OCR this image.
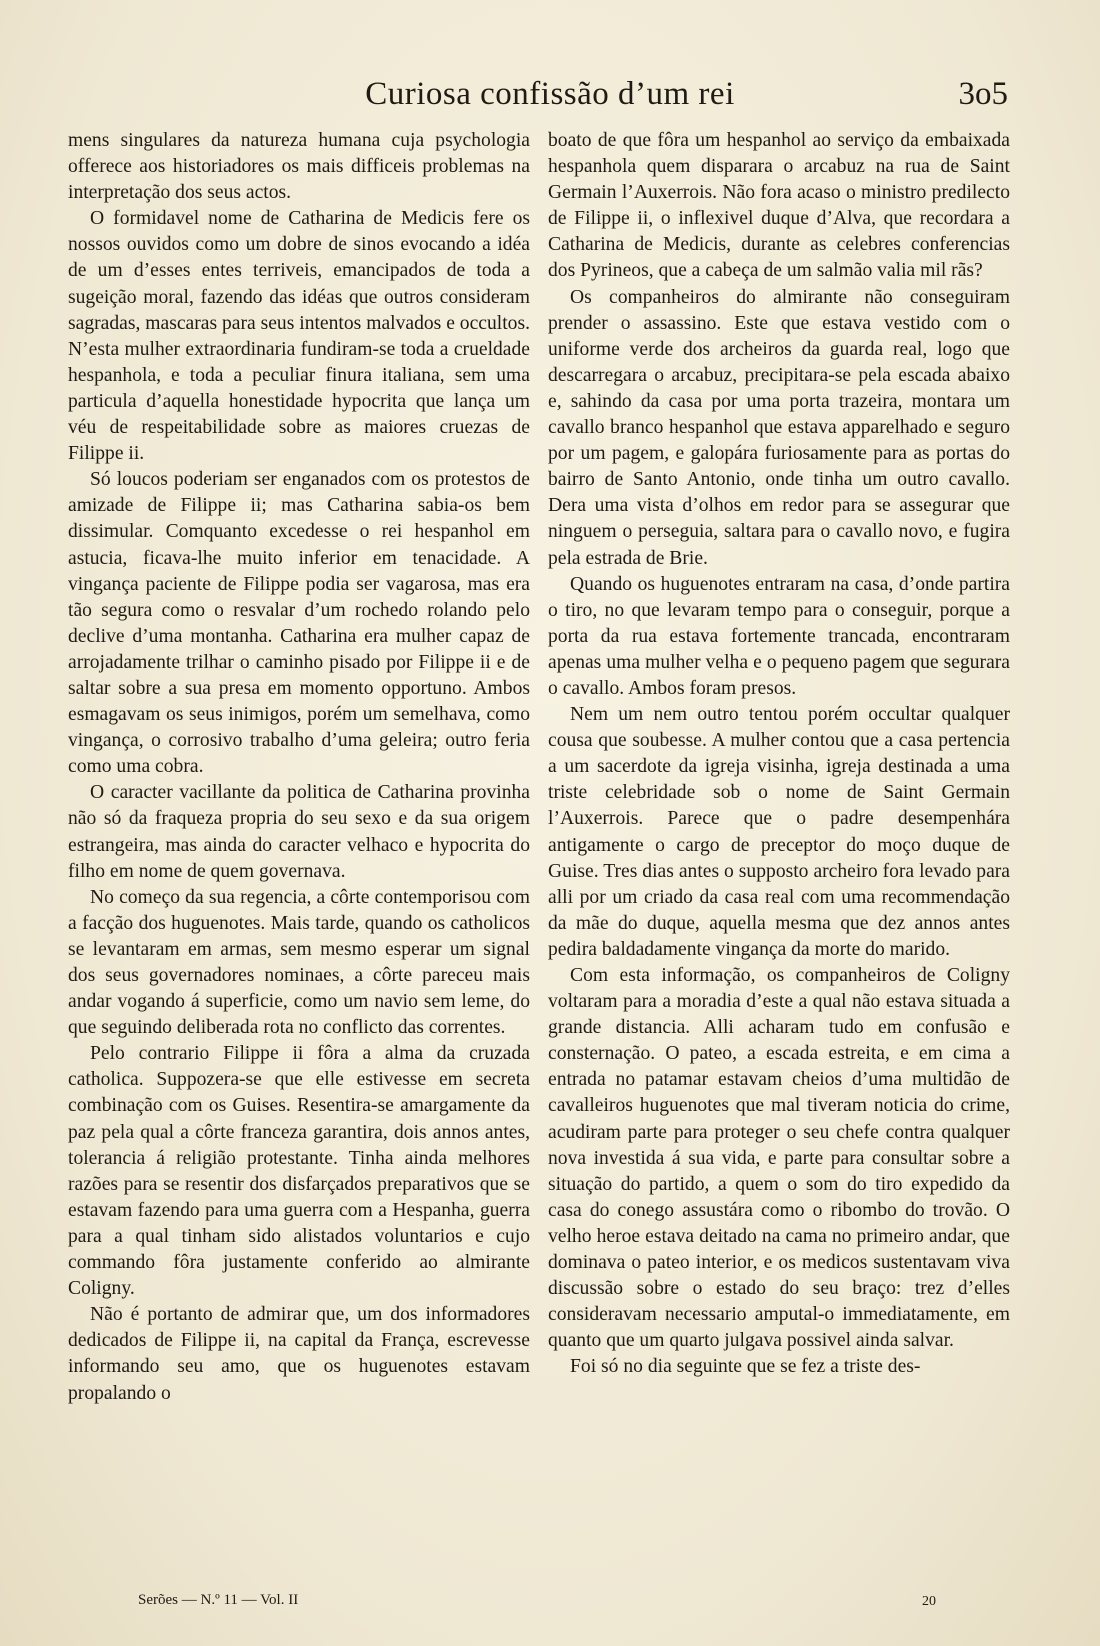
Curiosa confissão d’um rei	3o5

mens singulares da natureza humana cuja psychologia offerece aos historiadores os mais difficeis problemas na interpretação dos seus actos.

O formidavel nome de Catharina de Medicis fere os nossos ouvidos como um dobre de sinos evocando a idéa de um d’esses entes terriveis, emancipados de toda a sugeição moral, fazendo das idéas que outros consideram sagradas, mascaras para seus intentos malvados e occultos. N’esta mulher extraordinaria fundiram-se toda a crueldade hespanhola, e toda a peculiar finura italiana, sem uma particula d’aquella honestidade hypocrita que lança um véu de respeitabilidade sobre as maiores cruezas de Filippe ii.

Só loucos poderiam ser enganados com os protestos de amizade de Filippe ii; mas Catharina sabia-os bem dissimular. Comquanto excedesse o rei hespanhol em astucia, ficava-lhe muito inferior em tenacidade. A vingança paciente de Filippe podia ser vagarosa, mas era tão segura como o resvalar d’um rochedo rolando pelo declive d’uma montanha. Catharina era mulher capaz de arrojadamente trilhar o caminho pisado por Filippe ii e de saltar sobre a sua presa em momento opportuno. Ambos esmagavam os seus inimigos, porém um semelhava, como vingança, o corrosivo trabalho d’uma geleira; outro feria como uma cobra.

O caracter vacillante da politica de Catharina provinha não só da fraqueza propria do seu sexo e da sua origem estrangeira, mas ainda do caracter velhaco e hypocrita do filho em nome de quem governava.

No começo da sua regencia, a côrte contemporisou com a facção dos huguenotes. Mais tarde, quando os catholicos se levantaram em armas, sem mesmo esperar um signal dos seus governadores nominaes, a côrte pareceu mais andar vogando á superficie, como um navio sem leme, do que seguindo deliberada rota no conflicto das correntes.

Pelo contrario Filippe ii fôra a alma da cruzada catholica. Suppozera-se que elle estivesse em secreta combinação com os Guises. Resentira-se amargamente da paz pela qual a côrte franceza garantira, dois annos antes, tolerancia á religião protestante. Tinha ainda melhores razões para se resentir dos disfarçados preparativos que se estavam fazendo para uma guerra com a Hespanha, guerra para a qual tinham sido alistados voluntarios e cujo commando fôra justamente conferido ao almirante Coligny.

Não é portanto de admirar que, um dos informadores dedicados de Filippe ii, na capital da França, escrevesse informando seu amo, que os huguenotes estavam propalando o

boato de que fôra um hespanhol ao serviço da embaixada hespanhola quem disparara o arcabuz na rua de Saint Germain l’Auxerrois. Não fora acaso o ministro predilecto de Filippe ii, o inflexivel duque d’Alva, que recordara a Catharina de Medicis, durante as celebres conferencias dos Pyrineos, que a cabeça de um salmão valia mil rãs?

Os companheiros do almirante não conseguiram prender o assassino. Este que estava vestido com o uniforme verde dos archeiros da guarda real, logo que descarregara o arcabuz, precipitara-se pela escada abaixo e, sahindo da casa por uma porta trazeira, montara um cavallo branco hespanhol que estava apparelhado e seguro por um pagem, e galopára furiosamente para as portas do bairro de Santo Antonio, onde tinha um outro cavallo. Dera uma vista d’olhos em redor para se assegurar que ninguem o perseguia, saltara para o cavallo novo, e fugira pela estrada de Brie.

Quando os huguenotes entraram na casa, d’onde partira o tiro, no que levaram tempo para o conseguir, porque a porta da rua estava fortemente trancada, encontraram apenas uma mulher velha e o pequeno pagem que segurara o cavallo. Ambos foram presos.

Nem um nem outro tentou porém occultar qualquer cousa que soubesse. A mulher contou que a casa pertencia a um sacerdote da igreja visinha, igreja destinada a uma triste celebridade sob o nome de Saint Germain l’Auxerrois. Parece que o padre desempenhára antigamente o cargo de preceptor do moço duque de Guise. Tres dias antes o supposto archeiro fora levado para alli por um criado da casa real com uma recommendação da mãe do duque, aquella mesma que dez annos antes pedira baldadamente vingança da morte do marido.

Com esta informação, os companheiros de Coligny voltaram para a moradia d’este a qual não estava situada a grande distancia. Alli acharam tudo em confusão e consternação. O pateo, a escada estreita, e em cima a entrada no patamar estavam cheios d’uma multidão de cavalleiros huguenotes que mal tiveram noticia do crime, acudiram parte para proteger o seu chefe contra qualquer nova investida á sua vida, e parte para consultar sobre a situação do partido, a quem o som do tiro expedido da casa do conego assustára como o ribombo do trovão. O velho heroe estava deitado na cama no primeiro andar, que dominava o pateo interior, e os medicos sustentavam viva discussão sobre o estado do seu braço: trez d’elles consideravam necessario amputal-o immediatamente, em quanto que um quarto julgava possivel ainda salvar.

Foi só no dia seguinte que se fez a triste des-

Serões — N.º 11 — Vol. II	20
